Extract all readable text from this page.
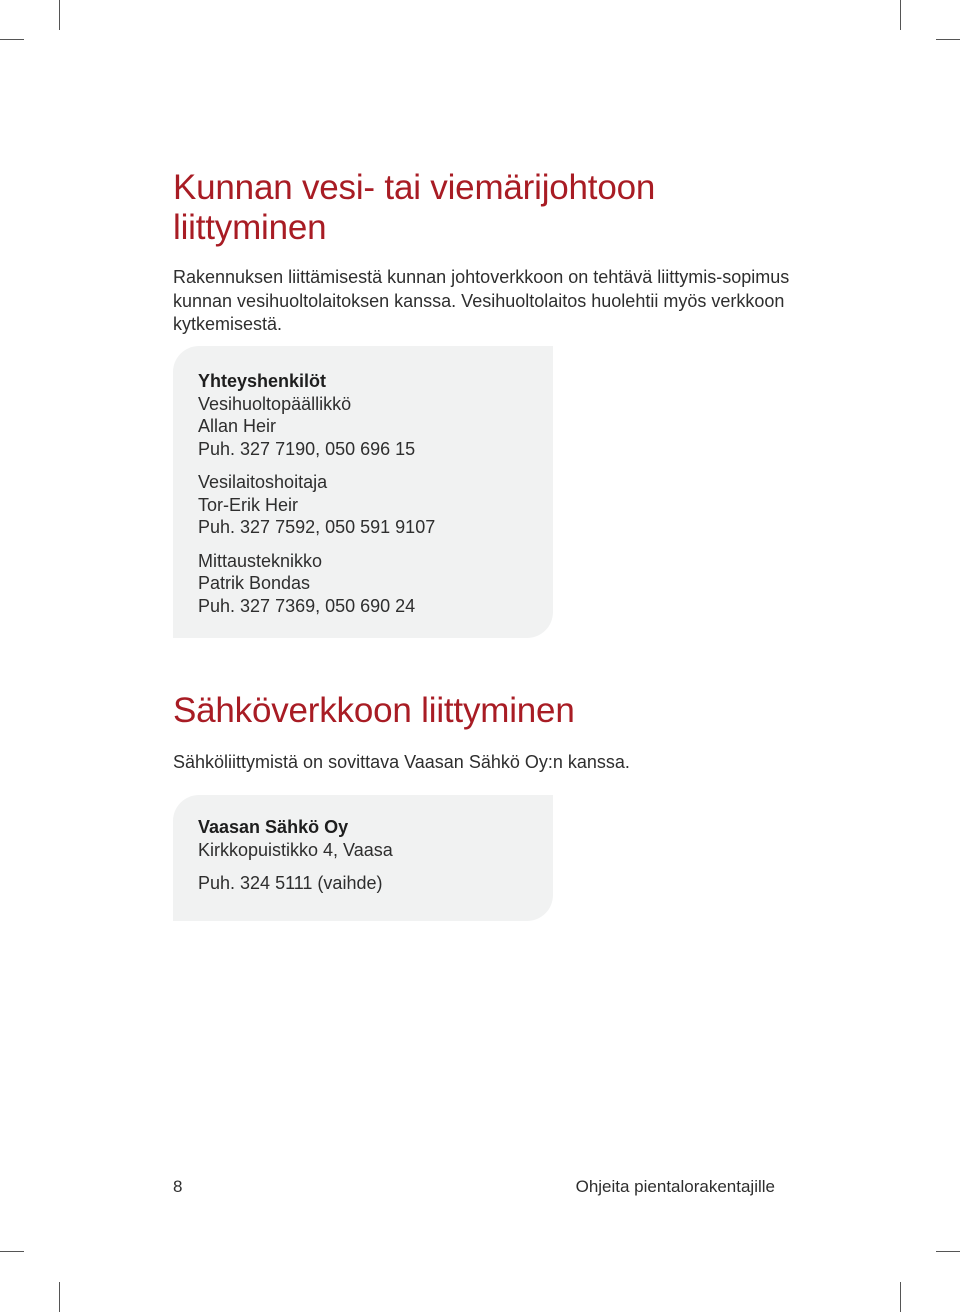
Kunnan vesi- tai viemärijohtoon liittyminen

Rakennuksen liittämisestä kunnan johtoverkkoon on tehtävä liittymis-sopimus kunnan vesihuoltolaitoksen kanssa. Vesihuoltolaitos huolehtii myös verkkoon kytkemisestä.

Yhteyshenkilöt
Vesihuoltopäällikkö
Allan Heir
Puh. 327 7190, 050 696 15
Vesilaitoshoitaja
Tor-Erik Heir
Puh. 327 7592, 050 591 9107
Mittausteknikko
Patrik Bondas
Puh. 327 7369, 050 690 24
Sähköverkkoon liittyminen

Sähköliittymistä on sovittava Vaasan Sähkö Oy:n kanssa.

Vaasan Sähkö Oy
Kirkkopuistikko 4, Vaasa
Puh. 324 5111 (vaihde)
8	Ohjeita pientalorakentajille
